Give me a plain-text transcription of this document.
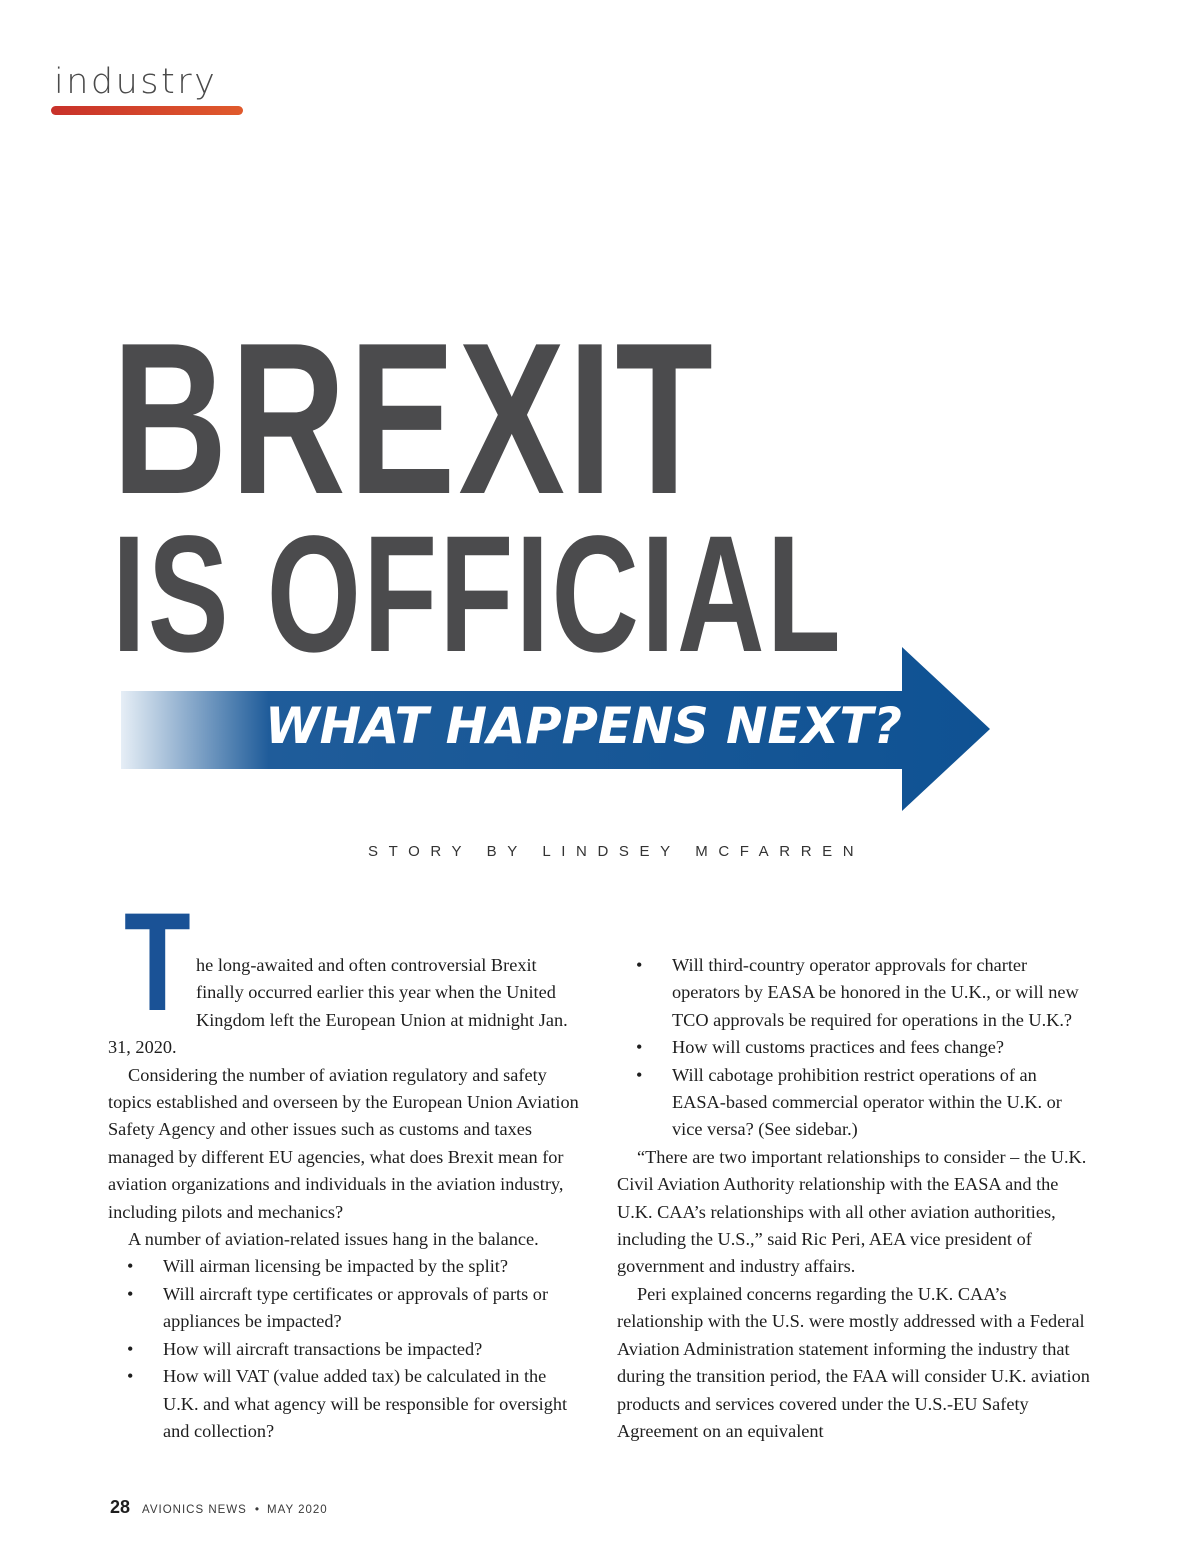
industry
BREXIT
IS OFFICIAL
WHAT HAPPENS NEXT?
STORY BY LINDSEY MCFARREN

The long-awaited and often controversial Brexit finally occurred earlier this year when the United Kingdom left the European Union at midnight Jan. 31, 2020.

Considering the number of aviation regulatory and safety topics established and overseen by the European Union Aviation Safety Agency and other issues such as customs and taxes managed by different EU agencies, what does Brexit mean for aviation organizations and individuals in the aviation industry, including pilots and mechanics?

A number of aviation-related issues hang in the balance.

• Will airman licensing be impacted by the split?
• Will aircraft type certificates or approvals of parts or appliances be impacted?
• How will aircraft transactions be impacted?
• How will VAT (value added tax) be calculated in the U.K. and what agency will be responsible for oversight and collection?
• Will third-country operator approvals for charter operators by EASA be honored in the U.K., or will new TCO approvals be required for operations in the U.K.?
• How will customs practices and fees change?
• Will cabotage prohibition restrict operations of an EASA-based commercial operator within the U.K. or vice versa? (See sidebar.)

“There are two important relationships to consider – the U.K. Civil Aviation Authority relationship with the EASA and the U.K. CAA’s relationships with all other aviation authorities, including the U.S.,” said Ric Peri, AEA vice president of government and industry affairs.

Peri explained concerns regarding the U.K. CAA’s relationship with the U.S. were mostly addressed with a Federal Aviation Administration statement informing the industry that during the transition period, the FAA will consider U.K. aviation products and services covered under the U.S.-EU Safety Agreement on an equivalent

28 AVIONICS NEWS • MAY 2020
